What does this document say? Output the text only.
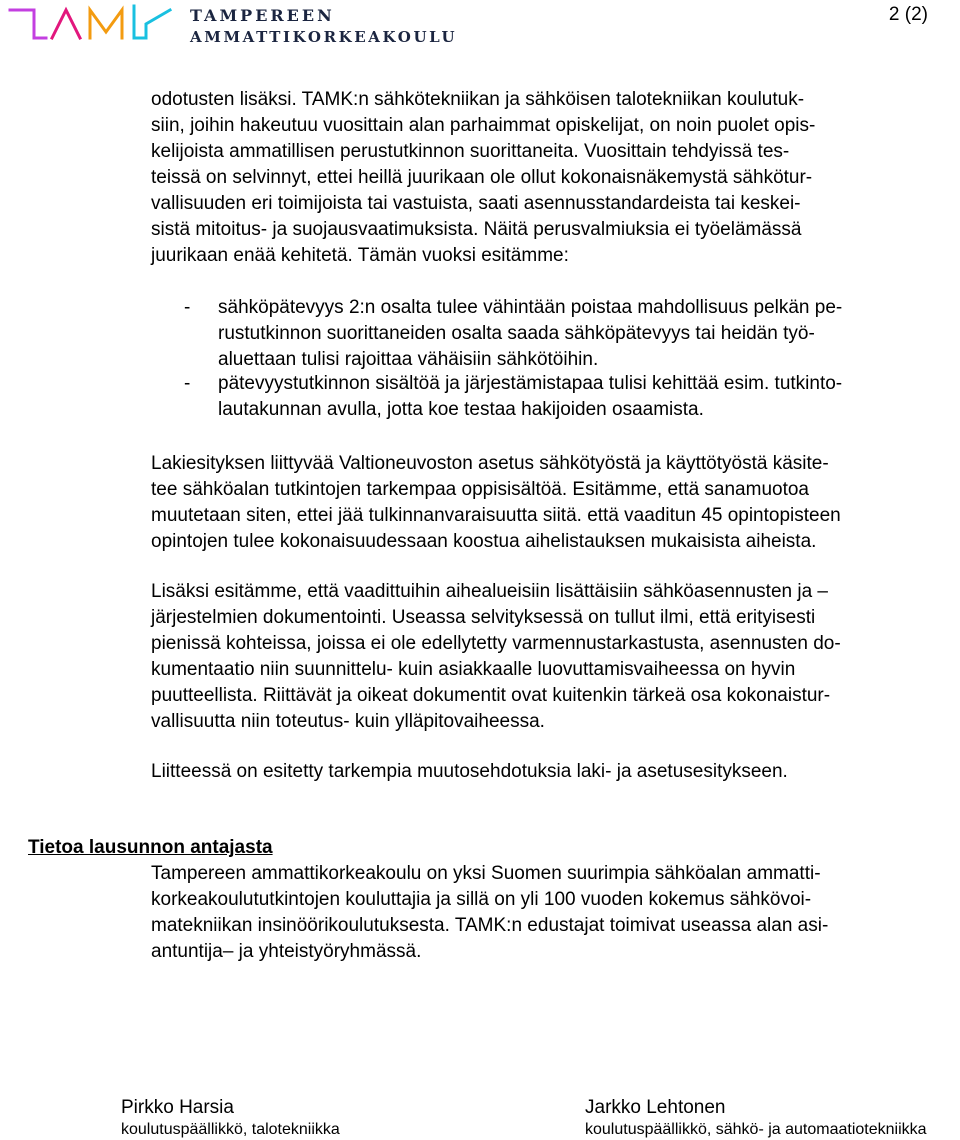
TAMPEREEN
AMMATTIKORKEAKOULU
2 (2)
odotusten lisäksi. TAMK:n sähkötekniikan ja sähköisen talotekniikan koulutuk-
siin, joihin hakeutuu vuosittain alan parhaimmat opiskelijat, on noin puolet opis-
kelijoista ammatillisen perustutkinnon suorittaneita. Vuosittain tehdyissä tes-
teissä on selvinnyt, ettei heillä juurikaan ole ollut kokonaisnäkemystä sähkötur-
vallisuuden eri toimijoista tai vastuista, saati asennusstandardeista tai keskei-
sistä mitoitus- ja suojausvaatimuksista. Näitä perusvalmiuksia ei työelämässä
juurikaan enää kehitetä. Tämän vuoksi esitämme:
- sähköpätevyys 2:n osalta tulee vähintään poistaa mahdollisuus pelkän pe-
rustutkinnon suorittaneiden osalta saada sähköpätevyys tai heidän työ-
aluettaan tulisi rajoittaa vähäisiin sähkötöihin.
- pätevyystutkinnon sisältöä ja järjestämistapaa tulisi kehittää esim. tutkinto-
lautakunnan avulla, jotta koe testaa hakijoiden osaamista.
Lakiesityksen liittyvää Valtioneuvoston asetus sähkötyöstä ja käyttötyöstä käsite-
tee sähköalan tutkintojen tarkempaa oppisisältöä. Esitämme, että sanamuotoa
muutetaan siten, ettei jää tulkinnanvaraisuutta siitä. että vaaditun 45 opintopisteen
opintojen tulee kokonaisuudessaan koostua aihelistauksen mukaisista aiheista.
Lisäksi esitämme, että vaadittuihin aihealueisiin lisättäisiin sähköasennusten ja –
järjestelmien dokumentointi. Useassa selvityksessä on tullut ilmi, että erityisesti
pienissä kohteissa, joissa ei ole edellytetty varmennustarkastusta, asennusten do-
kumentaatio niin suunnittelu- kuin asiakkaalle luovuttamisvaiheessa on hyvin
puutteellista. Riittävät ja oikeat dokumentit ovat kuitenkin tärkeä osa kokonaistur-
vallisuutta niin toteutus- kuin ylläpitovaiheessa.
Liitteessä on esitetty tarkempia muutosehdotuksia laki- ja asetusesitykseen.
Tietoa lausunnon antajasta
Tampereen ammattikorkeakoulu on yksi Suomen suurimpia sähköalan ammatti-
korkeakoulututkintojen kouluttajia ja sillä on yli 100 vuoden kokemus sähkövoi-
matekniikan insinöörikoulutuksesta. TAMK:n edustajat toimivat useassa alan asi-
antuntija– ja yhteistyöryhmässä.
Pirkko Harsia
koulutuspäällikkö, talotekniikka
Jarkko Lehtonen
koulutuspäällikkö, sähkö- ja automaatiotekniikka
